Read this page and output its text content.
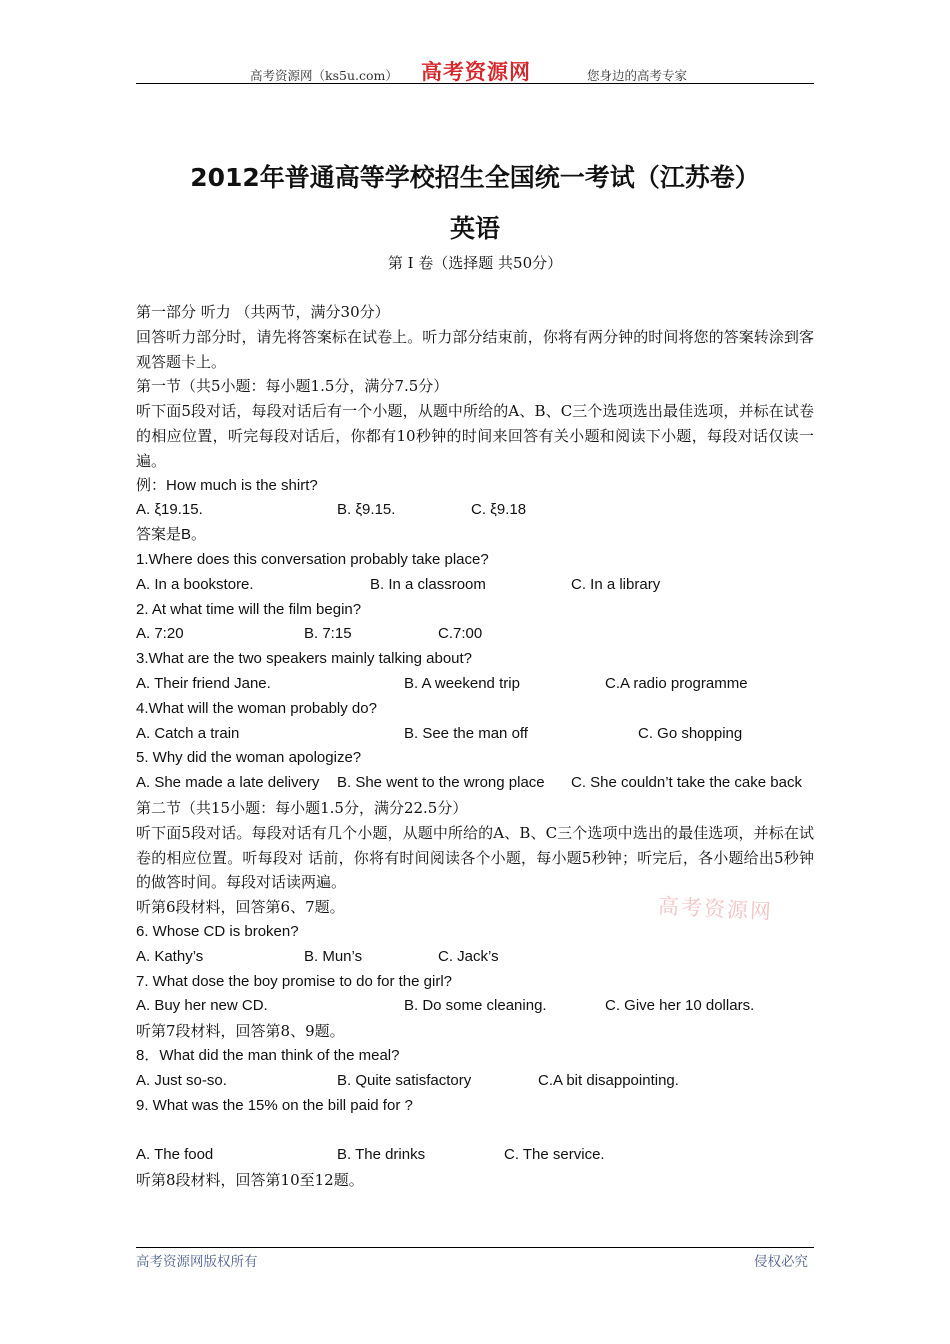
高考资源网（ks5u.com） 高考资源网	您身边的高考专家
2012年普通高等学校招生全国统一考试（江苏卷）
英语
第 I 卷（选择题 共50分）
第一部分 听力 （共两节，满分30分）
回答听力部分时，请先将答案标在试卷上。听力部分结束前，你将有两分钟的时间将您的答案转涂到客观答题卡上。
第一节（共5小题：每小题1.5分，满分7.5分）
听下面5段对话，每段对话后有一个小题，从题中所给的A、B、C三个选项选出最佳选项，并标在试卷的相应位置，听完每段对话后，你都有10秒钟的时间来回答有关小题和阅读下小题，每段对话仅读一遍。
例：How much is the shirt?
A. ξ19.15.	B. ξ9.15.	C. ξ9.18
答案是B。
1.Where does this conversation probably take place?
A. In a bookstore.	B. In a classroom	C. In a library
2. At what time will the film begin?
A. 7:20	B. 7:15	C.7:00
3.What are the two speakers mainly talking about?
A. Their friend Jane.	B. A weekend trip	C.A radio programme
4.What will the woman probably do?
A. Catch a train	B. See the man off	C. Go shopping
5. Why did the woman apologize?
A. She made a late delivery B. She went to the wrong place C. She couldn’t take the cake back
第二节（共15小题：每小题1.5分，满分22.5分）
听下面5段对话。每段对话有几个小题，从题中所给的A、B、C三个选项中选出的最佳选项，并标在试卷的相应位置。听每段对 话前，你将有时间阅读各个小题，每小题5秒钟；听完后，各小题给出5秒钟的做答时间。每段对话读两遍。
听第6段材料，回答第6、7题。
6. Whose CD is broken?
A. Kathy’s	B. Mun’s	C. Jack’s
7. What dose the boy promise to do for the girl?
A. Buy her new CD.	B. Do some cleaning.	C. Give her 10 dollars.
听第7段材料，回答第8、9题。
8．What did the man think of the meal?
A. Just so-so.	B. Quite satisfactory	C.A bit disappointing.
9. What was the 15% on the bill paid for ?
A. The food	B. The drinks	C. The service.
听第8段材料，回答第10至12题。
高考资源网
高考资源网版权所有	侵权必究
